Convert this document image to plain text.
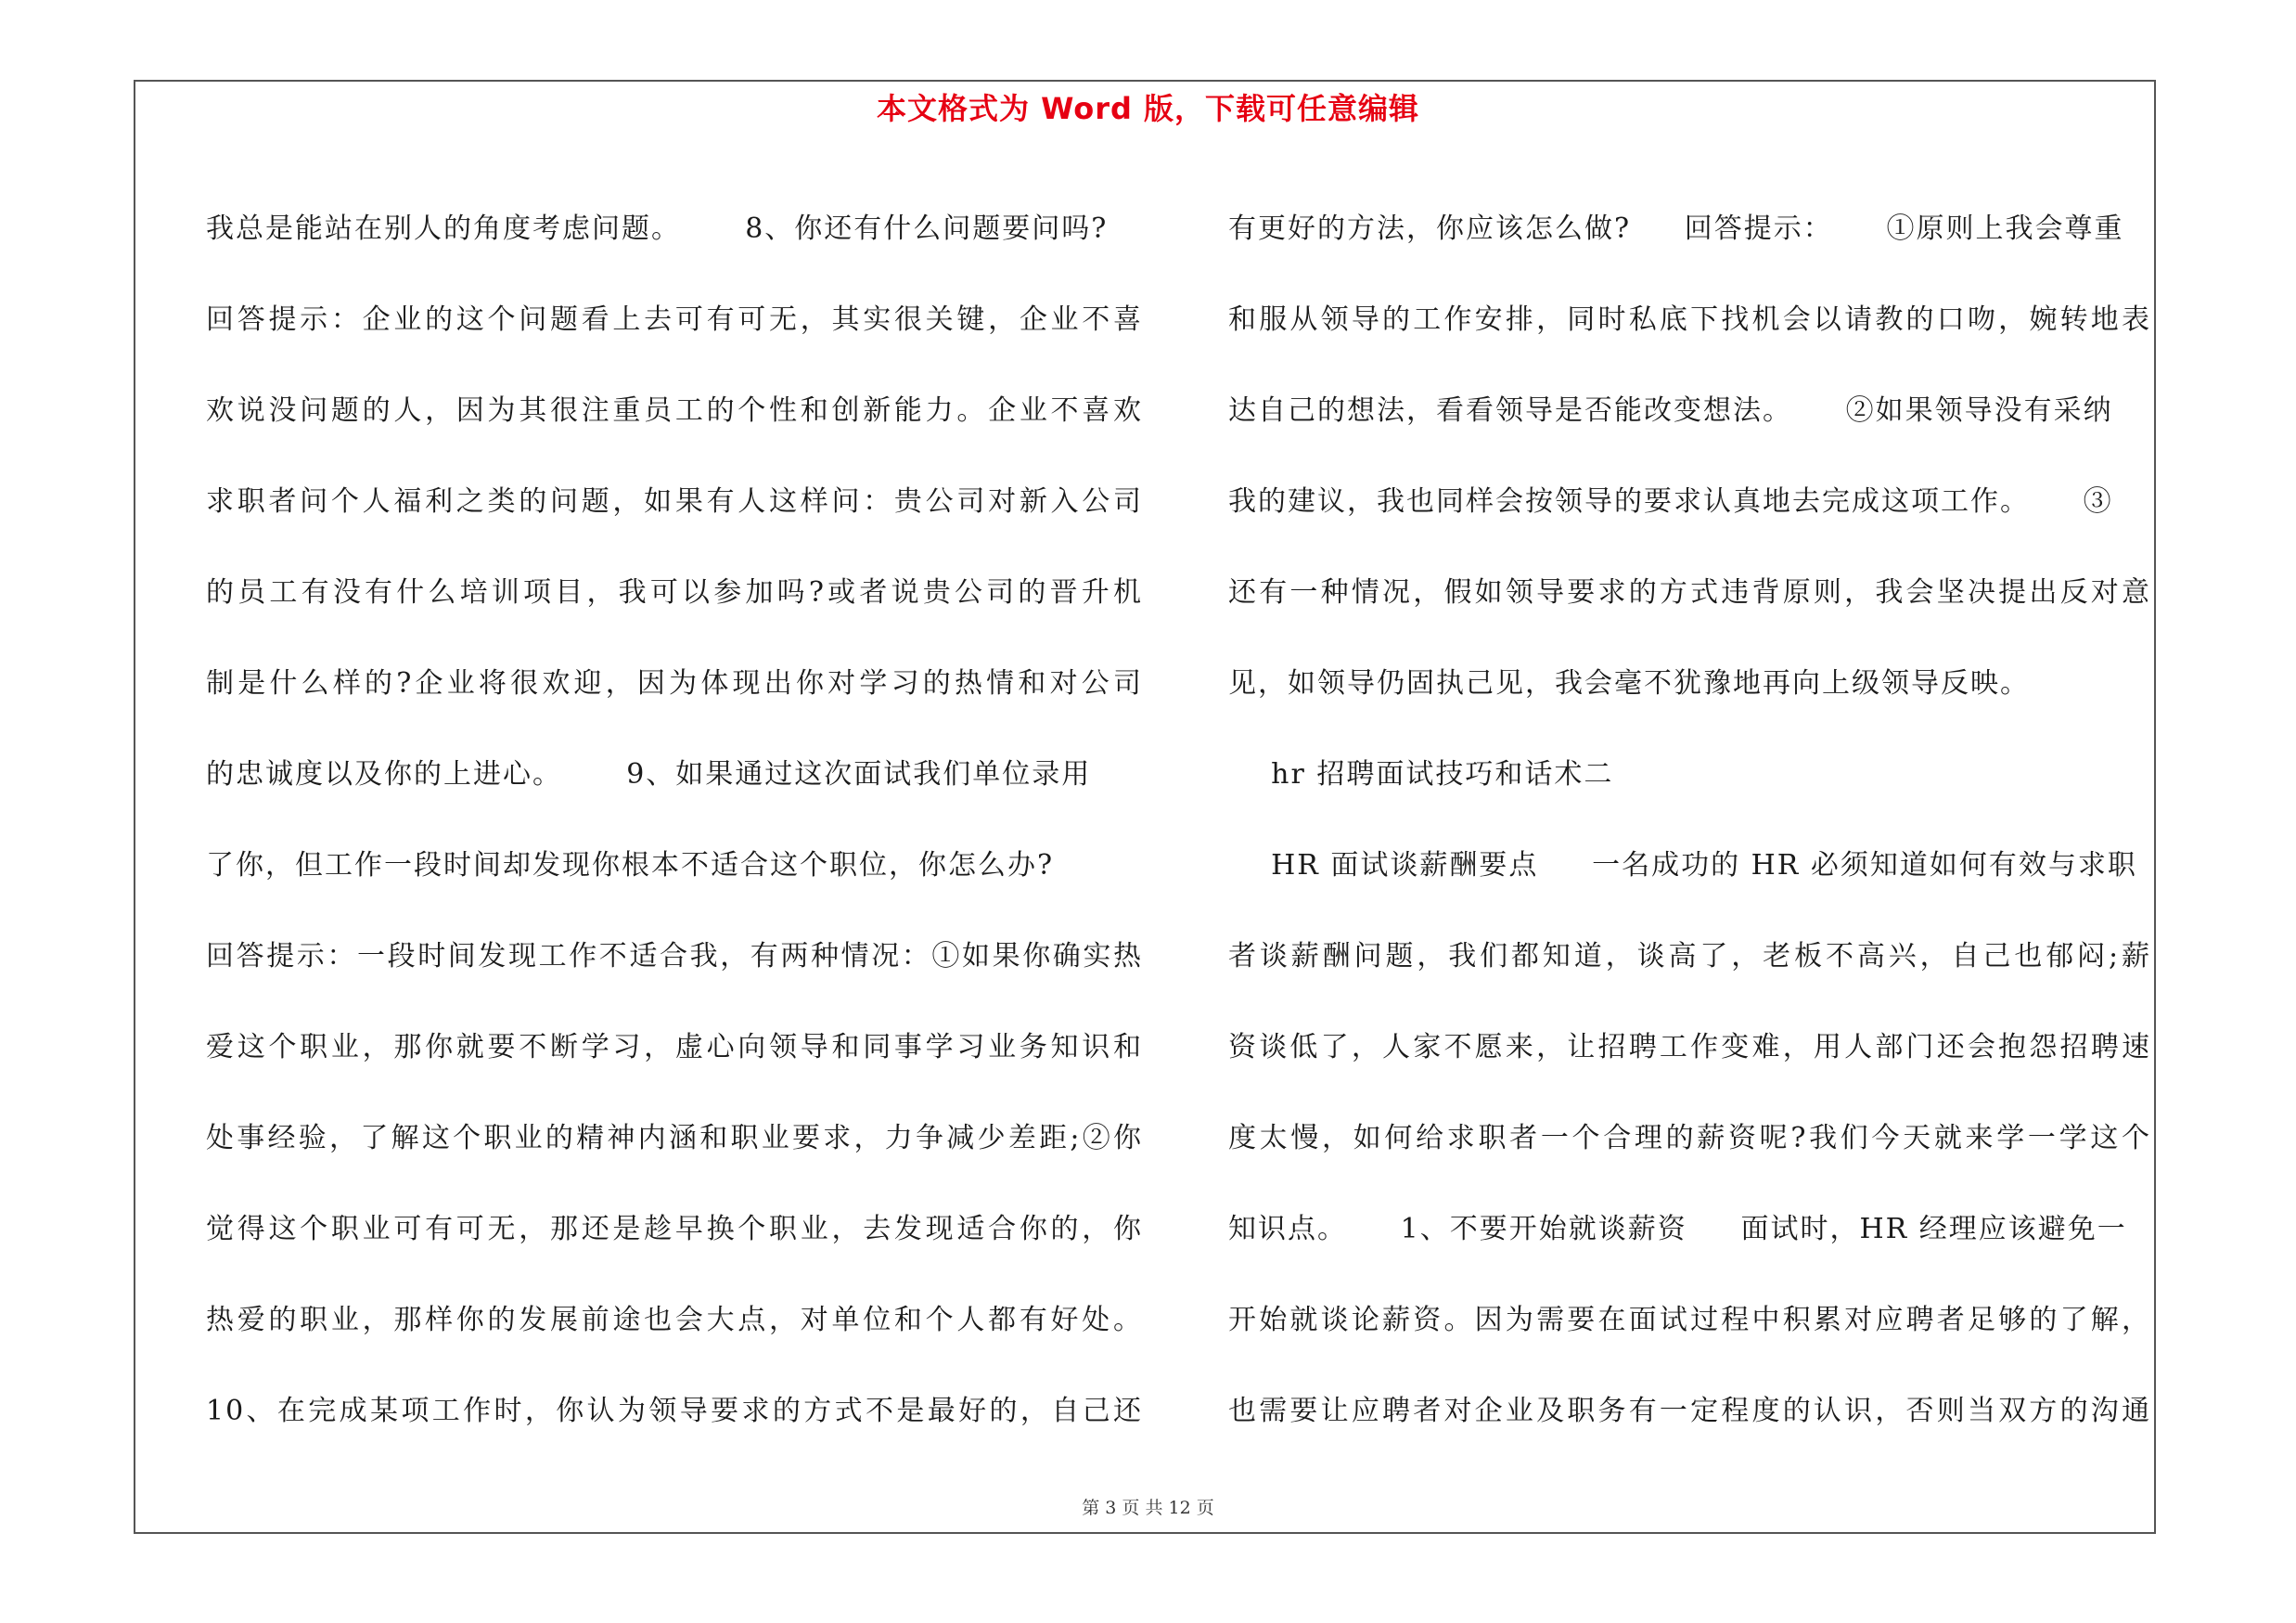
本文格式为 Word 版，下载可任意编辑
我总是能站在别人的角度考虑问题。      8、你还有什么问题要问吗?
回答提示：企业的这个问题看上去可有可无，其实很关键，企业不喜
欢说没问题的人，因为其很注重员工的个性和创新能力。企业不喜欢
求职者问个人福利之类的问题，如果有人这样问：贵公司对新入公司
的员工有没有什么培训项目，我可以参加吗?或者说贵公司的晋升机
制是什么样的?企业将很欢迎，因为体现出你对学习的热情和对公司
的忠诚度以及你的上进心。      9、如果通过这次面试我们单位录用
了你，但工作一段时间却发现你根本不适合这个职位，你怎么办?
回答提示：一段时间发现工作不适合我，有两种情况：①如果你确实热
爱这个职业，那你就要不断学习，虚心向领导和同事学习业务知识和
处事经验，了解这个职业的精神内涵和职业要求，力争减少差距;②你
觉得这个职业可有可无，那还是趁早换个职业，去发现适合你的，你
热爱的职业，那样你的发展前途也会大点，对单位和个人都有好处。
10、在完成某项工作时，你认为领导要求的方式不是最好的，自己还
有更好的方法，你应该怎么做?     回答提示：     ①原则上我会尊重
和服从领导的工作安排，同时私底下找机会以请教的口吻，婉转地表
达自己的想法，看看领导是否能改变想法。     ②如果领导没有采纳
我的建议，我也同样会按领导的要求认真地去完成这项工作。     ③
还有一种情况，假如领导要求的方式违背原则，我会坚决提出反对意
见，如领导仍固执己见，我会毫不犹豫地再向上级领导反映。
hr 招聘面试技巧和话术二
HR 面试谈薪酬要点     一名成功的 HR 必须知道如何有效与求职
者谈薪酬问题，我们都知道，谈高了，老板不高兴，自己也郁闷;薪
资谈低了，人家不愿来，让招聘工作变难，用人部门还会抱怨招聘速
度太慢，如何给求职者一个合理的薪资呢?我们今天就来学一学这个
知识点。     1、不要开始就谈薪资     面试时，HR 经理应该避免一
开始就谈论薪资。因为需要在面试过程中积累对应聘者足够的了解，
也需要让应聘者对企业及职务有一定程度的认识，否则当双方的沟通
第 3 页 共 12 页
